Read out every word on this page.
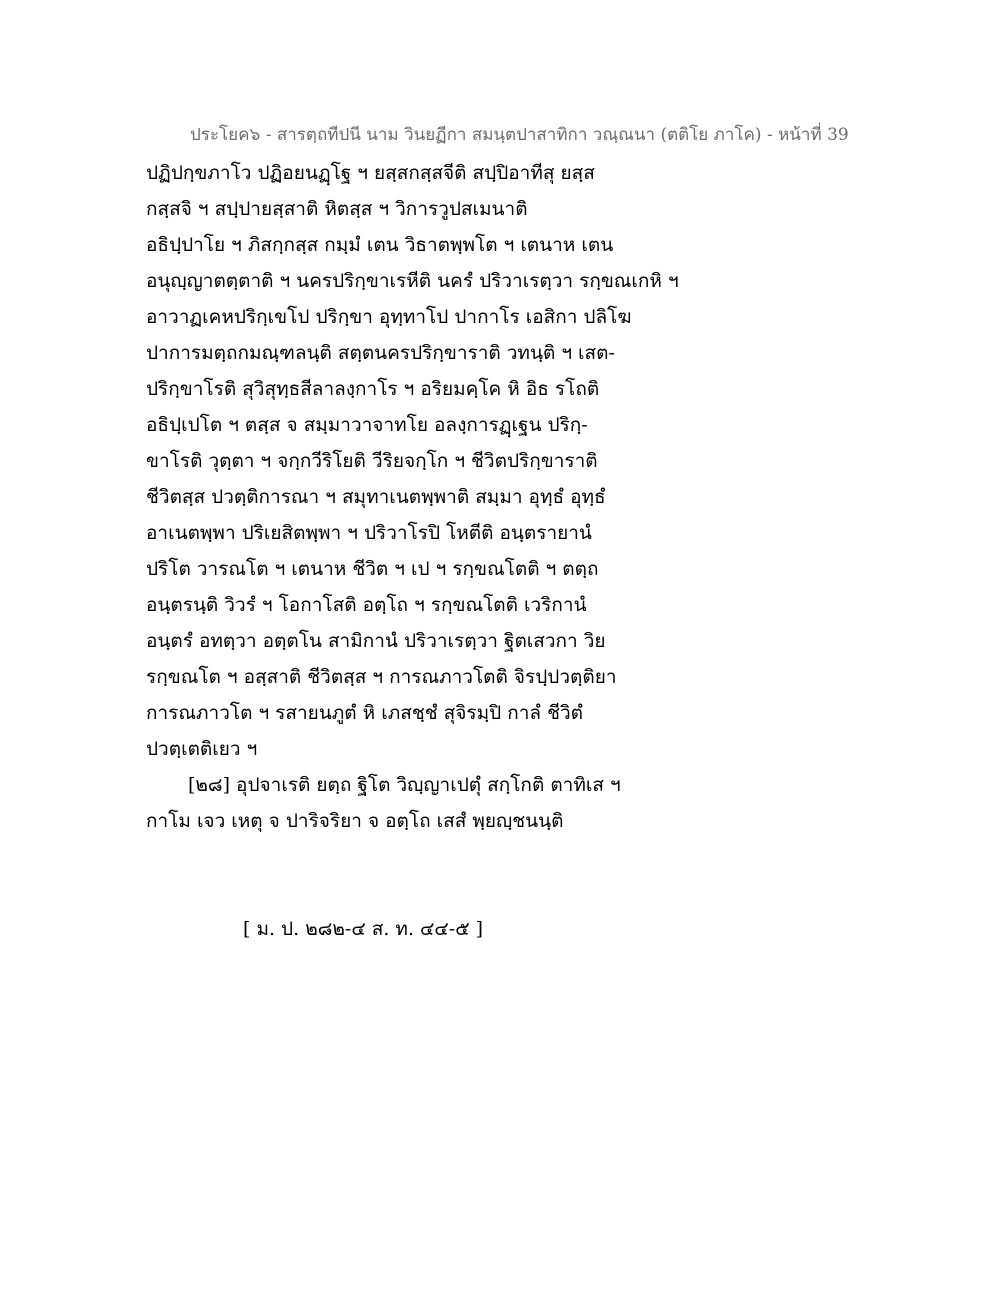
ประโยค๖ - สารตฺถทีปนี นาม วินยฏีกา สมนฺตปาสาทิกา วณฺณนา (ตติโย ภาโค) - หน้าที่ 39
ปฏิปกฺขภาโว ปฏิอยนฏฺโฐ ฯ ยสฺสกสฺสจีติ สปฺปิอาทีสุ ยสฺส
กสฺสจิ ฯ สปฺปายสฺสาติ หิตสฺส ฯ วิการวูปสเมนาติ
อธิปฺปาโย ฯ ภิสกฺกสฺส กมฺมํ เตน วิธาตพฺพโต ฯ เตนาห เตน
อนุญฺญาตตฺตาติ ฯ นครปริกฺขาเรหีติ นครํ ปริวาเรตฺวา รกฺขณเกหิ ฯ
อาวาฏเคหปริกฺเขโป ปริกฺขา อุทฺทาโป ปากาโร เอสิกา ปลิโฆ
ปาการมตฺถกมณฺฑลนฺติ สตฺตนครปริกฺขาราติ วทนฺติ ฯ เสต-
ปริกฺขาโรติ สุวิสุทฺธสีลาลงฺกาโร ฯ อริยมคฺโค หิ อิธ รโถติ
อธิปฺเปโต ฯ ตสฺส จ สมฺมาวาจาทโย อลงฺการฏฺเฐน ปริกฺ-
ขาโรติ วุตฺตา ฯ จกฺกวีริโยติ วีริยจกฺโก ฯ ชีวิตปริกฺขาราติ
ชีวิตสฺส ปวตฺติการณา ฯ สมุทาเนตพฺพาติ สมฺมา อุทฺธํ อุทฺธํ
อาเนตพฺพา ปริเยสิตพฺพา ฯ ปริวาโรปิ โหตีติ อนฺตรายานํ
ปริโต วารณโต ฯ เตนาห ชีวิต ฯ เป ฯ รกฺขณโตติ ฯ ตตฺถ
อนฺตรนฺติ วิวรํ ฯ โอกาโสติ อตฺโถ ฯ รกฺขณโตติ เวริกานํ
อนฺตรํ อทตฺวา อตฺตโน สามิกานํ ปริวาเรตฺวา ฐิตเสวกา วิย
รกฺขณโต ฯ อสฺสาติ ชีวิตสฺส ฯ การณภาวโตติ จิรปฺปวตฺติยา
การณภาวโต ฯ รสายนภูตํ หิ เภสชฺชํ สุจิรมฺปิ กาลํ ชีวิตํ
ปวตฺเตติเยว ฯ
[๒๘] อุปจาเรติ ยตฺถ ฐิโต วิญฺญาเปตุํ สกฺโกติ ตาทิเส ฯ
กาโม เจว เหตุ จ ปาริจริยา จ อตฺโถ เสสํ พฺยญฺชนนฺติ
[ ม. ป. ๒๘๒-๔ ส. ท. ๔๔-๕ ]
